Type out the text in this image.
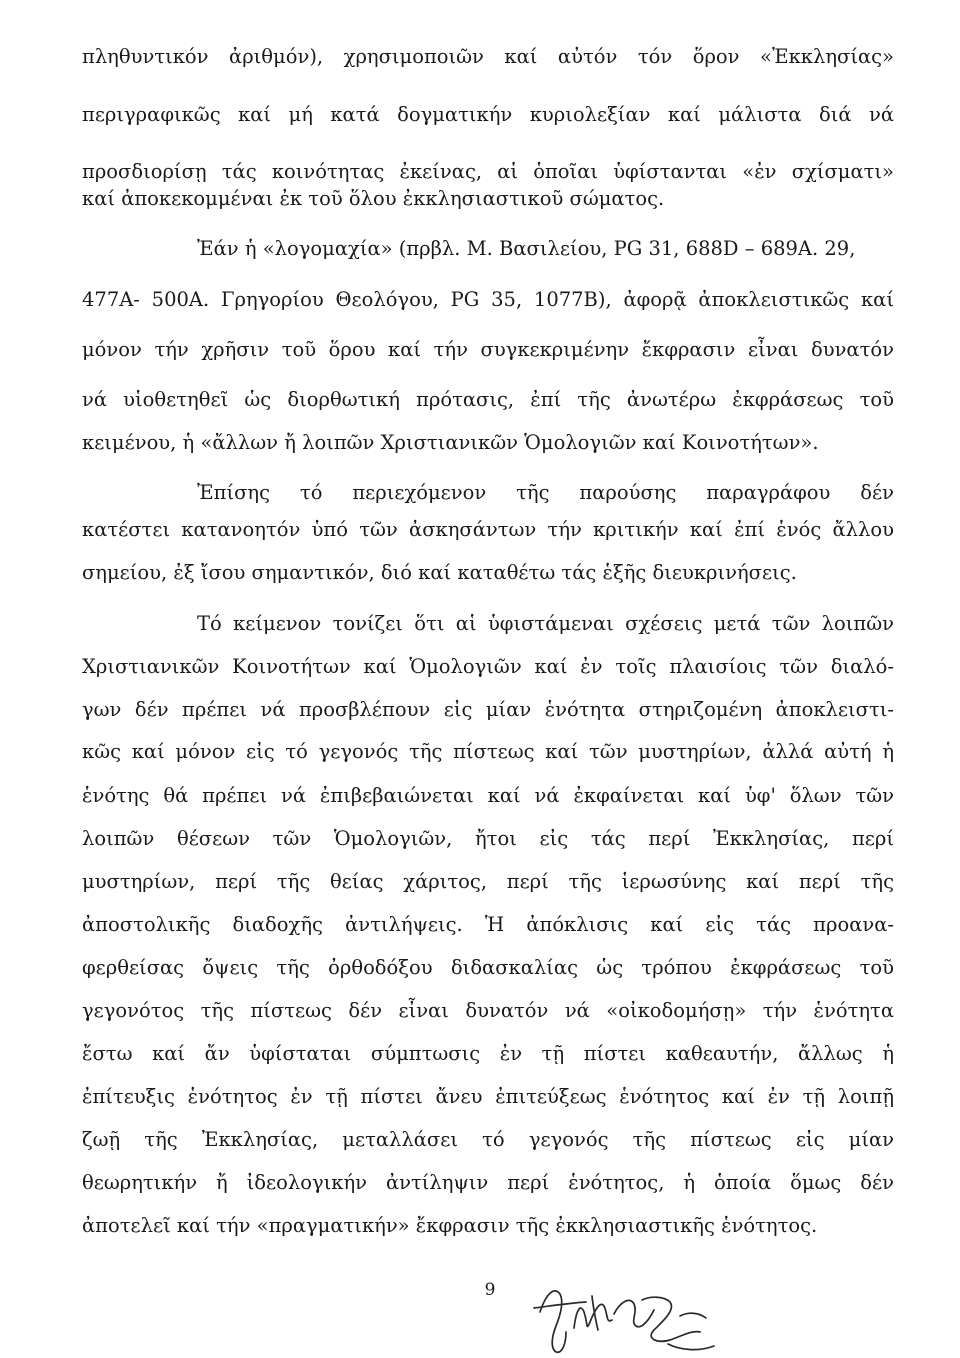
πληθυντικόν ἀριθμόν), χρησιμοποιῶν καί αὐτόν τόν ὅρον «Ἐκκλησίας»
περιγραφικῶς καί μή κατά δογματικήν κυριολεξίαν καί μάλιστα διά νά
προσδιορίσῃ τάς κοινότητας ἐκείνας, αἱ ὁποῖαι ὑφίστανται «ἐν σχίσματι»
καί ἀποκεκομμέναι ἐκ τοῦ ὅλου ἐκκλησιαστικοῦ σώματος.
Ἐάν ἡ «λογομαχία» (πρβλ. Μ. Βασιλείου, PG 31, 688D – 689A. 29,
477A- 500A. Γρηγορίου Θεολόγου, PG 35, 1077B), ἀφορᾷ ἀποκλειστικῶς καί
μόνον τήν χρῆσιν τοῦ ὅρου καί τήν συγκεκριμένην ἔκφρασιν εἶναι δυνατόν
νά υἱοθετηθεῖ ὡς διορθωτική πρότασις, ἐπί τῆς ἀνωτέρω ἐκφράσεως τοῦ
κειμένου, ἡ «ἄλλων ἤ λοιπῶν Χριστιανικῶν Ὁμολογιῶν καί Κοινοτήτων».
Ἐπίσης τό περιεχόμενον τῆς παρούσης παραγράφου δέν
κατέστει κατανοητόν ὑπό τῶν ἀσκησάντων τήν κριτικήν καί ἐπί ἑνός ἄλλου
σημείου, ἐξ ἴσου σημαντικόν, διό καί καταθέτω τάς ἑξῆς διευκρινήσεις.
Τό κείμενον τονίζει ὅτι αἱ ὑφιστάμεναι σχέσεις μετά τῶν λοιπῶν
Χριστιανικῶν Κοινοτήτων καί Ὁμολογιῶν καί ἐν τοῖς πλαισίοις τῶν διαλό-
γων δέν πρέπει νά προσβλέπουν εἰς μίαν ἑνότητα στηριζομένη ἀποκλειστι-
κῶς καί μόνον εἰς τό γεγονός τῆς πίστεως καί τῶν μυστηρίων, ἀλλά αὐτή ἡ
ἑνότης θά πρέπει νά ἐπιβεβαιώνεται καί νά ἐκφαίνεται καί ὑφ' ὅλων τῶν
λοιπῶν θέσεων τῶν Ὁμολογιῶν, ἤτοι εἰς τάς περί Ἐκκλησίας, περί
μυστηρίων, περί τῆς θείας χάριτος, περί τῆς ἱερωσύνης καί περί τῆς
ἀποστολικῆς διαδοχῆς ἀντιλήψεις. Ἡ ἀπόκλισις καί εἰς τάς προανα-
φερθείσας ὄψεις τῆς ὀρθοδόξου διδασκαλίας ὡς τρόπου ἐκφράσεως τοῦ
γεγονότος τῆς πίστεως δέν εἶναι δυνατόν νά «οἰκοδομήσῃ» τήν ἑνότητα
ἔστω καί ἄν ὑφίσταται σύμπτωσις ἐν τῇ πίστει καθεαυτήν, ἄλλως ἡ
ἐπίτευξις ἑνότητος ἐν τῇ πίστει ἄνευ ἐπιτεύξεως ἑνότητος καί ἐν τῇ λοιπῇ
ζωῇ τῆς Ἐκκλησίας, μεταλλάσει τό γεγονός τῆς πίστεως εἰς μίαν
θεωρητικήν ἤ ἰδεολογικήν ἀντίληψιν περί ἑνότητος, ἡ ὁποία ὅμως δέν
ἀποτελεῖ καί τήν «πραγματικήν» ἔκφρασιν τῆς ἐκκλησιαστικῆς ἑνότητος.
9
